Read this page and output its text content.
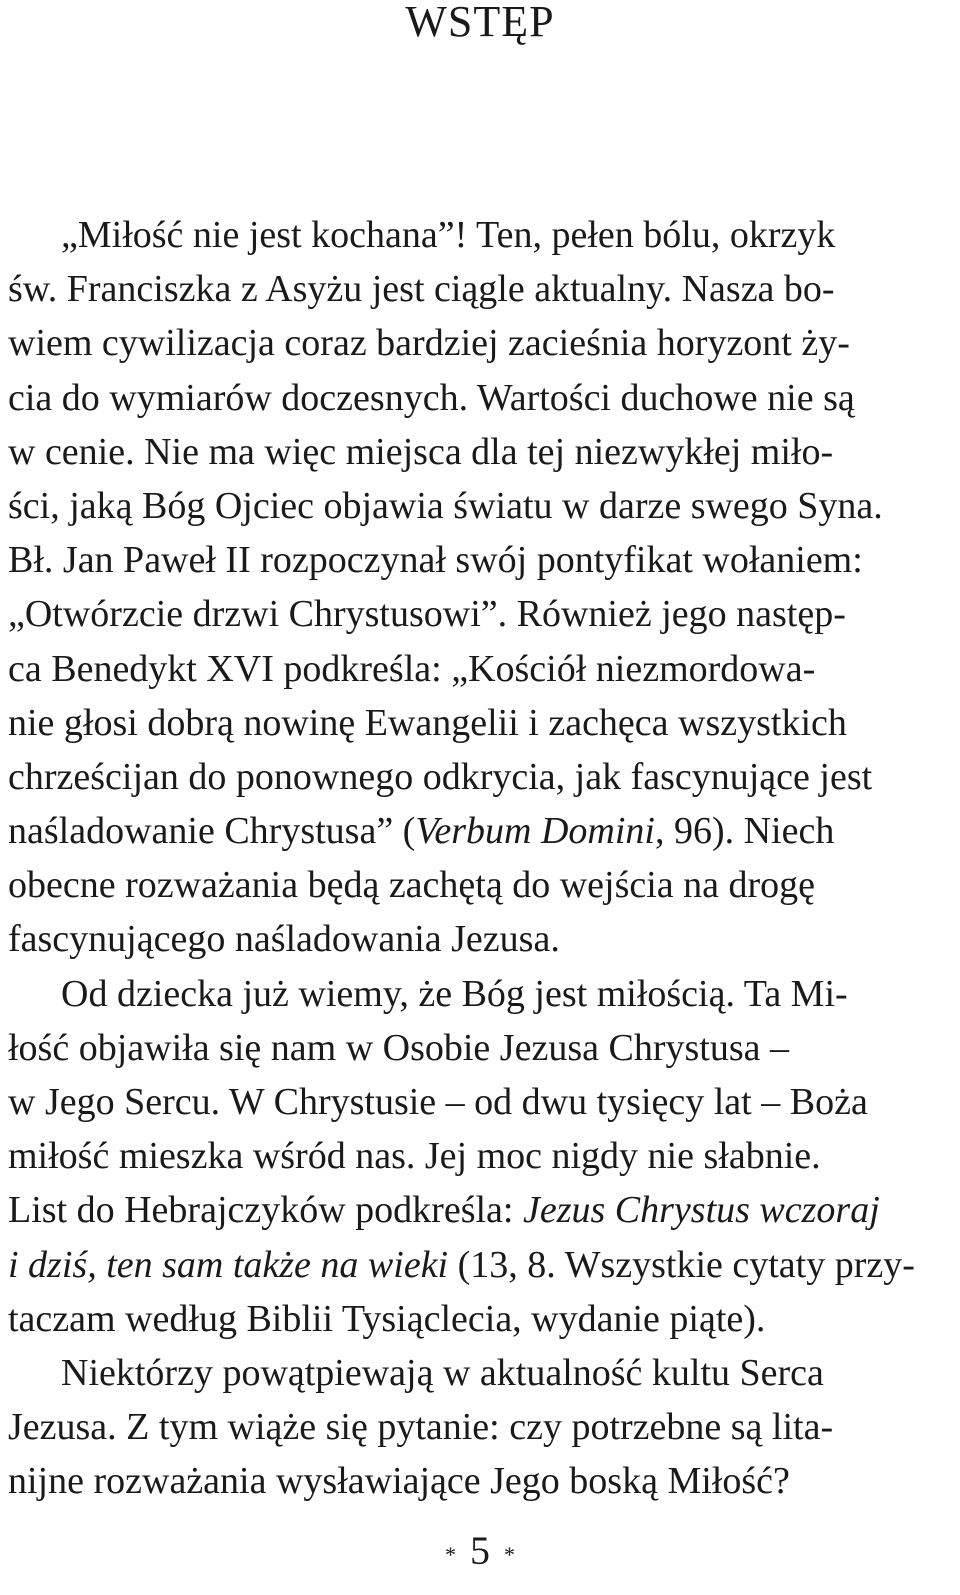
WSTĘP
„Miłość nie jest kochana”! Ten, pełen bólu, okrzyk
św. Franciszka z Asyżu jest ciągle aktualny. Nasza bo-
wiem cywilizacja coraz bardziej zacieśnia horyzont ży-
cia do wymiarów doczesnych. Wartości duchowe nie są
w cenie. Nie ma więc miejsca dla tej niezwykłej miło-
ści, jaką Bóg Ojciec objawia światu w darze swego Syna.
Bł. Jan Paweł II rozpoczynał swój pontyfikat wołaniem:
„Otwórzcie drzwi Chrystusowi”. Również jego następ-
ca Benedykt XVI podkreśla: „Kościół niezmordowa-
nie głosi dobrą nowinę Ewangelii i zachęca wszystkich
chrześcijan do ponownego odkrycia, jak fascynujące jest
naśladowanie Chrystusa” (Verbum Domini, 96). Niech
obecne rozważania będą zachętą do wejścia na drogę
fascynującego naśladowania Jezusa.
Od dziecka już wiemy, że Bóg jest miłością. Ta Mi-
łość objawiła się nam w Osobie Jezusa Chrystusa –
w Jego Sercu. W Chrystusie – od dwu tysięcy lat – Boża
miłość mieszka wśród nas. Jej moc nigdy nie słabnie.
List do Hebrajczyków podkreśla: Jezus Chrystus wczoraj
i dziś, ten sam także na wieki (13, 8. Wszystkie cytaty przy-
taczam według Biblii Tysiąclecia, wydanie piąte).
Niektórzy powątpiewają w aktualność kultu Serca
Jezusa. Z tym wiąże się pytanie: czy potrzebne są lita-
nijne rozważania wysławiające Jego boską Miłość?
* 5 *
